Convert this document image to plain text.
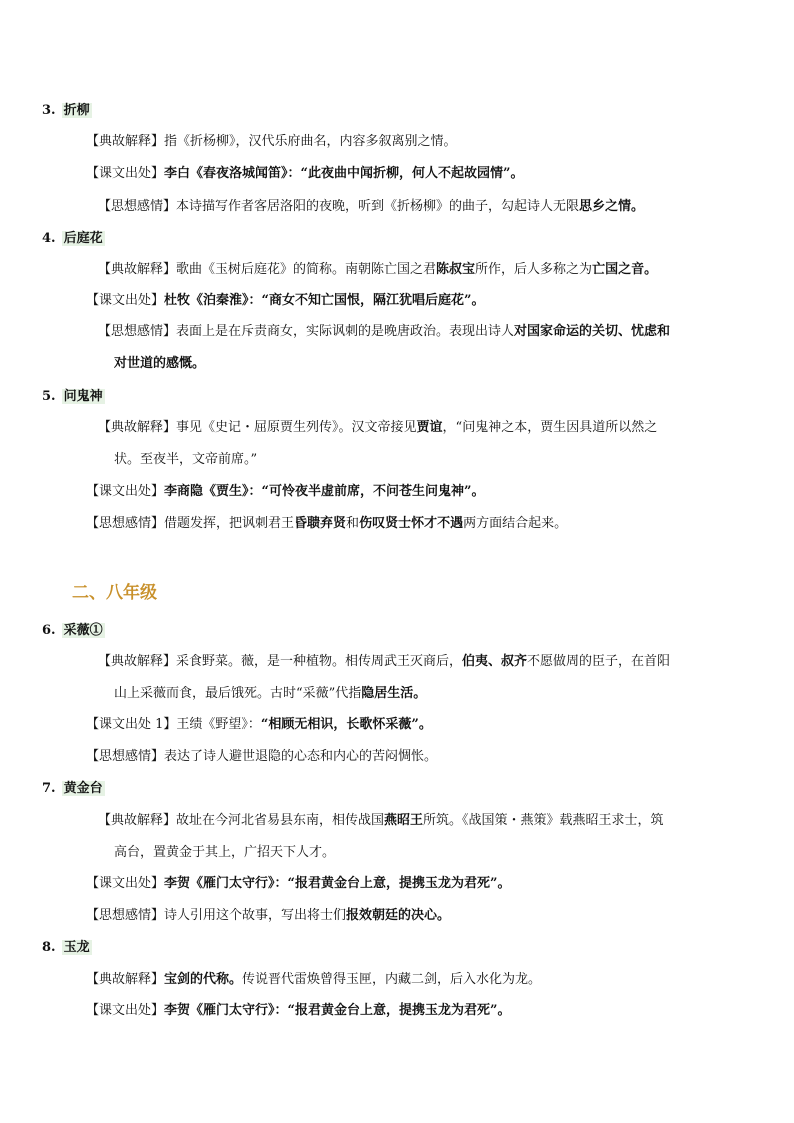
3. 折柳
【典故解释】指《折杨柳》，汉代乐府曲名，内容多叙离别之情。
【课文出处】李白《春夜洛城闻笛》：“此夜曲中闻折柳，何人不起故园情”。
【思想感情】本诗描写作者客居洛阳的夜晚，听到《折杨柳》的曲子，勾起诗人无限思乡之情。
4. 后庭花
【典故解释】歌曲《玉树后庭花》的简称。南朝陈亡国之君陈叔宝所作，后人多称之为亡国之音。
【课文出处】杜牧《泊秦淮》：“商女不知亡国恨，隔江犹唱后庭花”。
【思想感情】表面上是在斥责商女，实际讽刺的是晚唐政治。表现出诗人对国家命运的关切、忧虑和
对世道的感慨。
5. 问鬼神
【典故解释】事见《史记・屈原贾生列传》。汉文帝接见贾谊，“问鬼神之本，贾生因具道所以然之
状。至夜半，文帝前席。”
【课文出处】李商隐《贾生》：“可怜夜半虚前席，不问苍生问鬼神”。
【思想感情】借题发挥，把讽刺君王昏聩弃贤和伤叹贤士怀才不遇两方面结合起来。
二、八年级
6. 采薇①
【典故解释】采食野菜。薇，是一种植物。相传周武王灭商后，伯夷、叔齐不愿做周的臣子，在首阳
山上采薇而食，最后饿死。古时“采薇”代指隐居生活。
【课文出处 1】王绩《野望》：“相顾无相识，长歌怀采薇”。
【思想感情】表达了诗人避世退隐的心态和内心的苦闷惆怅。
7. 黄金台
【典故解释】故址在今河北省易县东南，相传战国燕昭王所筑。《战国策・燕策》载燕昭王求士，筑
高台，置黄金于其上，广招天下人才。
【课文出处】李贺《雁门太守行》：“报君黄金台上意，提携玉龙为君死”。
【思想感情】诗人引用这个故事，写出将士们报效朝廷的决心。
8. 玉龙
【典故解释】宝剑的代称。传说晋代雷焕曾得玉匣，内藏二剑，后入水化为龙。
【课文出处】李贺《雁门太守行》：“报君黄金台上意，提携玉龙为君死”。
